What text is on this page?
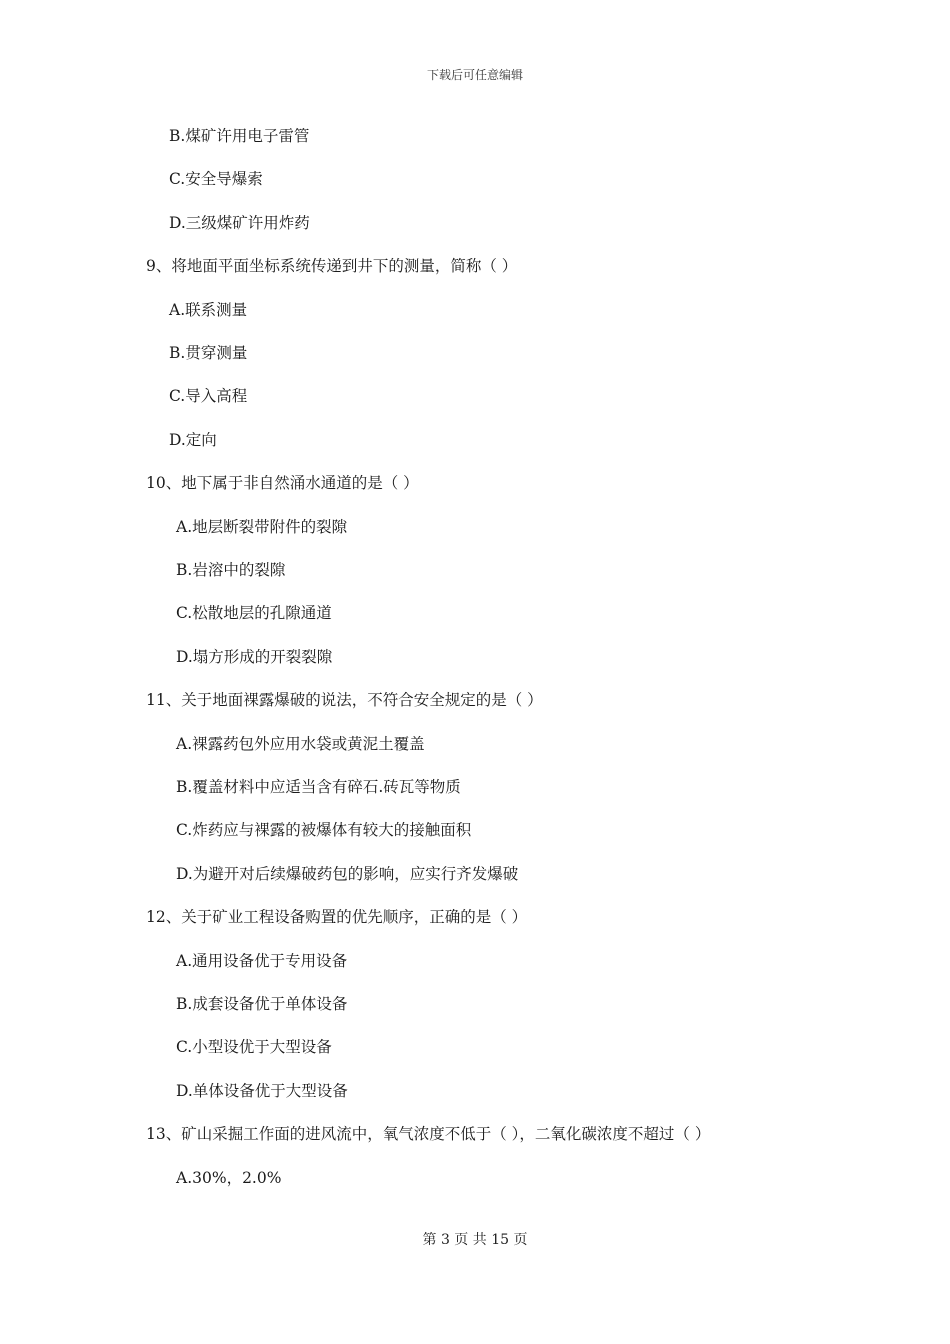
下载后可任意编辑
B.煤矿许用电子雷管
C.安全导爆索
D.三级煤矿许用炸药
9、将地面平面坐标系统传递到井下的测量，简称（ ）
A.联系测量
B.贯穿测量
C.导入高程
D.定向
10、地下属于非自然涌水通道的是（ ）
A.地层断裂带附件的裂隙
B.岩溶中的裂隙
C.松散地层的孔隙通道
D.塌方形成的开裂裂隙
11、关于地面裸露爆破的说法，不符合安全规定的是（ ）
A.裸露药包外应用水袋或黄泥土覆盖
B.覆盖材料中应适当含有碎石.砖瓦等物质
C.炸药应与裸露的被爆体有较大的接触面积
D.为避开对后续爆破药包的影响，应实行齐发爆破
12、关于矿业工程设备购置的优先顺序，正确的是（ ）
A.通用设备优于专用设备
B.成套设备优于单体设备
C.小型设优于大型设备
D.单体设备优于大型设备
13、矿山采掘工作面的进风流中，氧气浓度不低于（ ），二氧化碳浓度不超过（ ）
A.30%，2.0%
第 3 页 共 15 页
